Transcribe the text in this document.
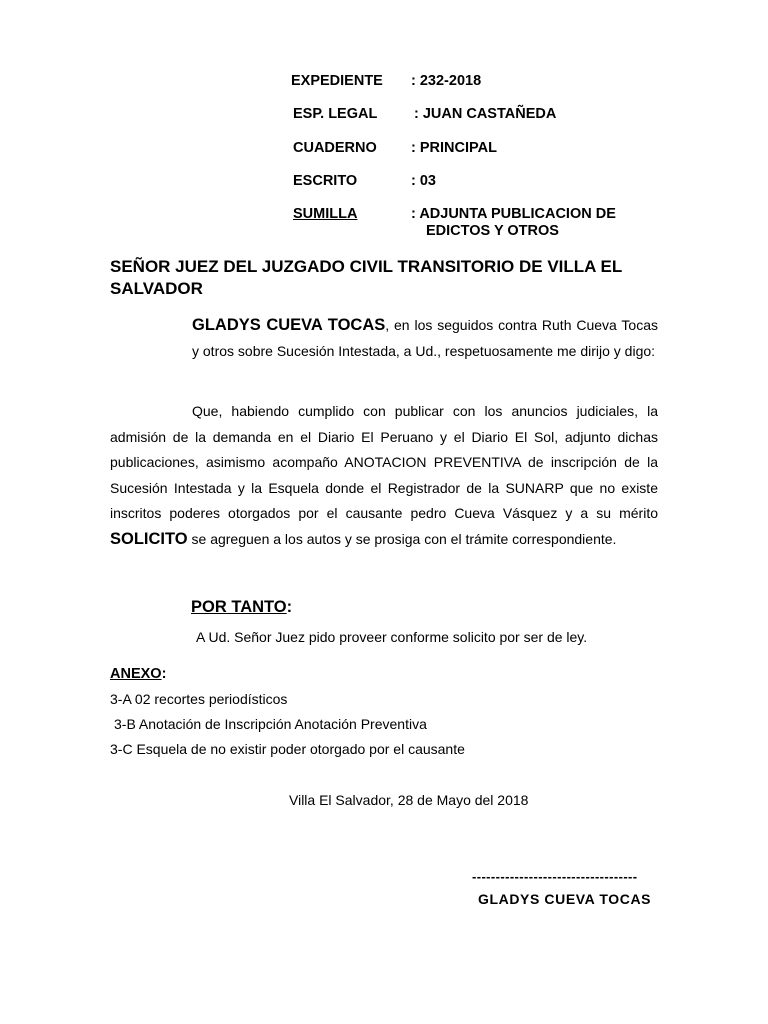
EXPEDIENTE : 232-2018
ESP. LEGAL	: JUAN CASTAÑEDA
CUADERNO : PRINCIPAL
ESCRITO	: 03
SUMILLA	: ADJUNTA PUBLICACION DE
EDICTOS Y OTROS
SEÑOR JUEZ DEL JUZGADO CIVIL TRANSITORIO DE VILLA EL SALVADOR
GLADYS CUEVA TOCAS, en los seguidos contra Ruth Cueva Tocas y otros sobre Sucesión Intestada, a Ud., respetuosamente me dirijo y digo:
Que, habiendo cumplido con publicar con los anuncios judiciales, la admisión de la demanda en el Diario El Peruano y el Diario El Sol, adjunto dichas publicaciones, asimismo acompaño ANOTACION PREVENTIVA de inscripción de la Sucesión Intestada y la Esquela donde el Registrador de la SUNARP que no existe inscritos poderes otorgados por el causante pedro Cueva Vásquez y a su mérito SOLICITO se agreguen a los autos y se prosiga con el trámite correspondiente.
POR TANTO:
A Ud. Señor Juez pido proveer conforme solicito por ser de ley.
ANEXO:
3-A 02 recortes periodísticos
3-B Anotación de Inscripción Anotación Preventiva
3-C Esquela de no existir poder otorgado por el causante
Villa El Salvador, 28 de Mayo del 2018
-----------------------------------
GLADYS CUEVA TOCAS
